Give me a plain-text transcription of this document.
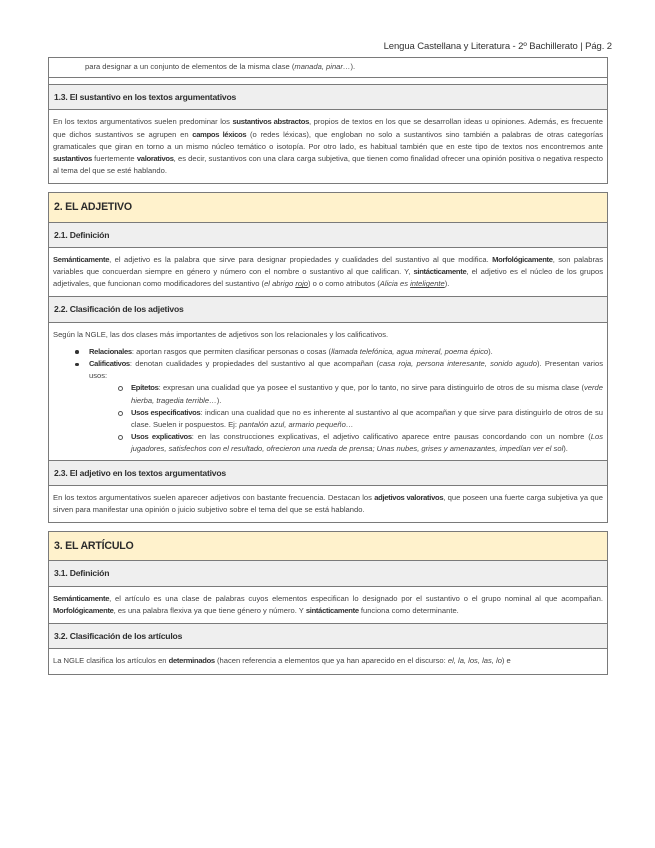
Lengua Castellana y Literatura - 2º Bachillerato | Pág. 2

para designar a un conjunto de elementos de la misma clase (manada, pinar…).

1.3. El sustantivo en los textos argumentativos

En los textos argumentativos suelen predominar los sustantivos abstractos, propios de textos en los que se desarrollan ideas u opiniones. Además, es frecuente que dichos sustantivos se agrupen en campos léxicos (o redes léxicas), que engloban no solo a sustantivos sino también a palabras de otras categorías gramaticales que giran en torno a un mismo núcleo temático o isotopía. Por otro lado, es habitual también que en este tipo de textos nos encontremos ante sustantivos fuertemente valorativos, es decir, sustantivos con una clara carga subjetiva, que tienen como finalidad ofrecer una opinión positiva o negativa respecto al tema del que se esté hablando.

2. EL ADJETIVO
2.1. Definición

Semánticamente, el adjetivo es la palabra que sirve para designar propiedades y cualidades del sustantivo al que modifica. Morfológicamente, son palabras variables que concuerdan siempre en género y número con el nombre o sustantivo al que califican. Y, sintácticamente, el adjetivo es el núcleo de los grupos adjetivales, que funcionan como modificadores del sustantivo (el abrigo rojo) o o como atributos (Alicia es inteligente).

2.2. Clasificación de los adjetivos

Según la NGLE, las dos clases más importantes de adjetivos son los relacionales y los calificativos.

Relacionales: aportan rasgos que permiten clasificar personas o cosas (llamada telefónica, agua mineral, poema épico).
Calificativos: denotan cualidades y propiedades del sustantivo al que acompañan (casa roja, persona interesante, sonido agudo). Presentan varios usos:
Epítetos: expresan una cualidad que ya posee el sustantivo y que, por lo tanto, no sirve para distinguirlo de otros de su misma clase (verde hierba, tragedia terrible…).
Usos especificativos: indican una cualidad que no es inherente al sustantivo al que acompañan y que sirve para distinguirlo de otros de su clase. Suelen ir pospuestos. Ej: pantalón azul, armario pequeño…
Usos explicativos: en las construcciones explicativas, el adjetivo calificativo aparece entre pausas concordando con un nombre (Los jugadores, satisfechos con el resultado, ofrecieron una rueda de prensa; Unas nubes, grises y amenazantes, impedían ver el sol).
2.3. El adjetivo en los textos argumentativos

En los textos argumentativos suelen aparecer adjetivos con bastante frecuencia. Destacan los adjetivos valorativos, que poseen una fuerte carga subjetiva ya que sirven para manifestar una opinión o juicio subjetivo sobre el tema del que se está hablando.

3. EL ARTÍCULO
3.1. Definición

Semánticamente, el artículo es una clase de palabras cuyos elementos especifican lo designado por el sustantivo o el grupo nominal al que acompañan. Morfológicamente, es una palabra flexiva ya que tiene género y número. Y sintácticamente funciona como determinante.

3.2. Clasificación de los artículos

La NGLE clasifica los artículos en determinados (hacen referencia a elementos que ya han aparecido en el discurso: el, la, los, las, lo) e
